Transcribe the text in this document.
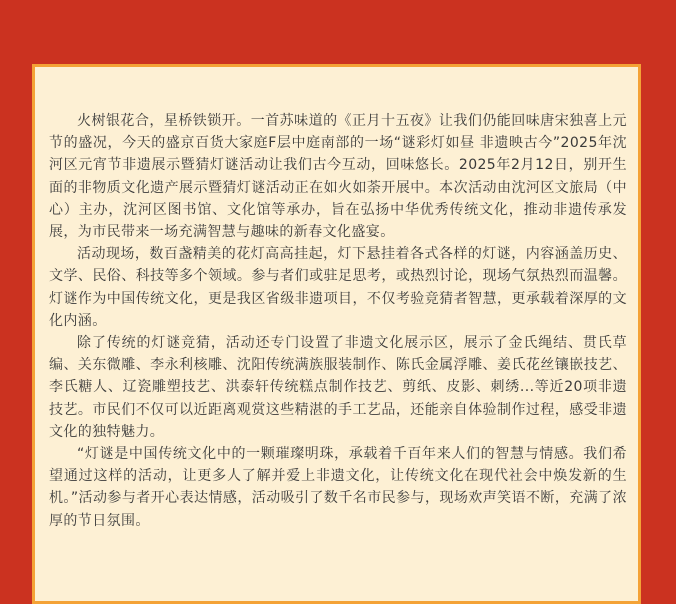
火树银花合，星桥铁锁开。一首苏味道的《正月十五夜》让我们仍能回味唐宋独喜上元节的盛况，今天的盛京百货大家庭F层中庭南部的一场“谜彩灯如昼 非遗映古今”2025年沈河区元宵节非遗展示暨猜灯谜活动让我们古今互动，回味悠长。2025年2月12日，别开生面的非物质文化遗产展示暨猜灯谜活动正在如火如荼开展中。本次活动由沈河区文旅局（中心）主办，沈河区图书馆、文化馆等承办，旨在弘扬中华优秀传统文化，推动非遗传承发展，为市民带来一场充满智慧与趣味的新春文化盛宴。

活动现场，数百盏精美的花灯高高挂起，灯下悬挂着各式各样的灯谜，内容涵盖历史、文学、民俗、科技等多个领域。参与者们或驻足思考，或热烈讨论，现场气氛热烈而温馨。灯谜作为中国传统文化，更是我区省级非遗项目，不仅考验竞猜者智慧，更承载着深厚的文化内涵。

除了传统的灯谜竞猜，活动还专门设置了非遗文化展示区，展示了金氏绳结、贯氏草编、关东微雕、李永利核雕、沈阳传统满族服装制作、陈氏金属浮雕、姜氏花丝镶嵌技艺、李氏糖人、辽瓷雕塑技艺、洪泰轩传统糕点制作技艺、剪纸、皮影、刺绣...等近20项非遗技艺。市民们不仅可以近距离观赏这些精湛的手工艺品，还能亲自体验制作过程，感受非遗文化的独特魅力。

“灯谜是中国传统文化中的一颗璀璨明珠，承载着千百年来人们的智慧与情感。我们希望通过这样的活动，让更多人了解并爱上非遗文化，让传统文化在现代社会中焕发新的生机。”活动参与者开心表达情感，活动吸引了数千名市民参与，现场欢声笑语不断，充满了浓厚的节日氛围。
